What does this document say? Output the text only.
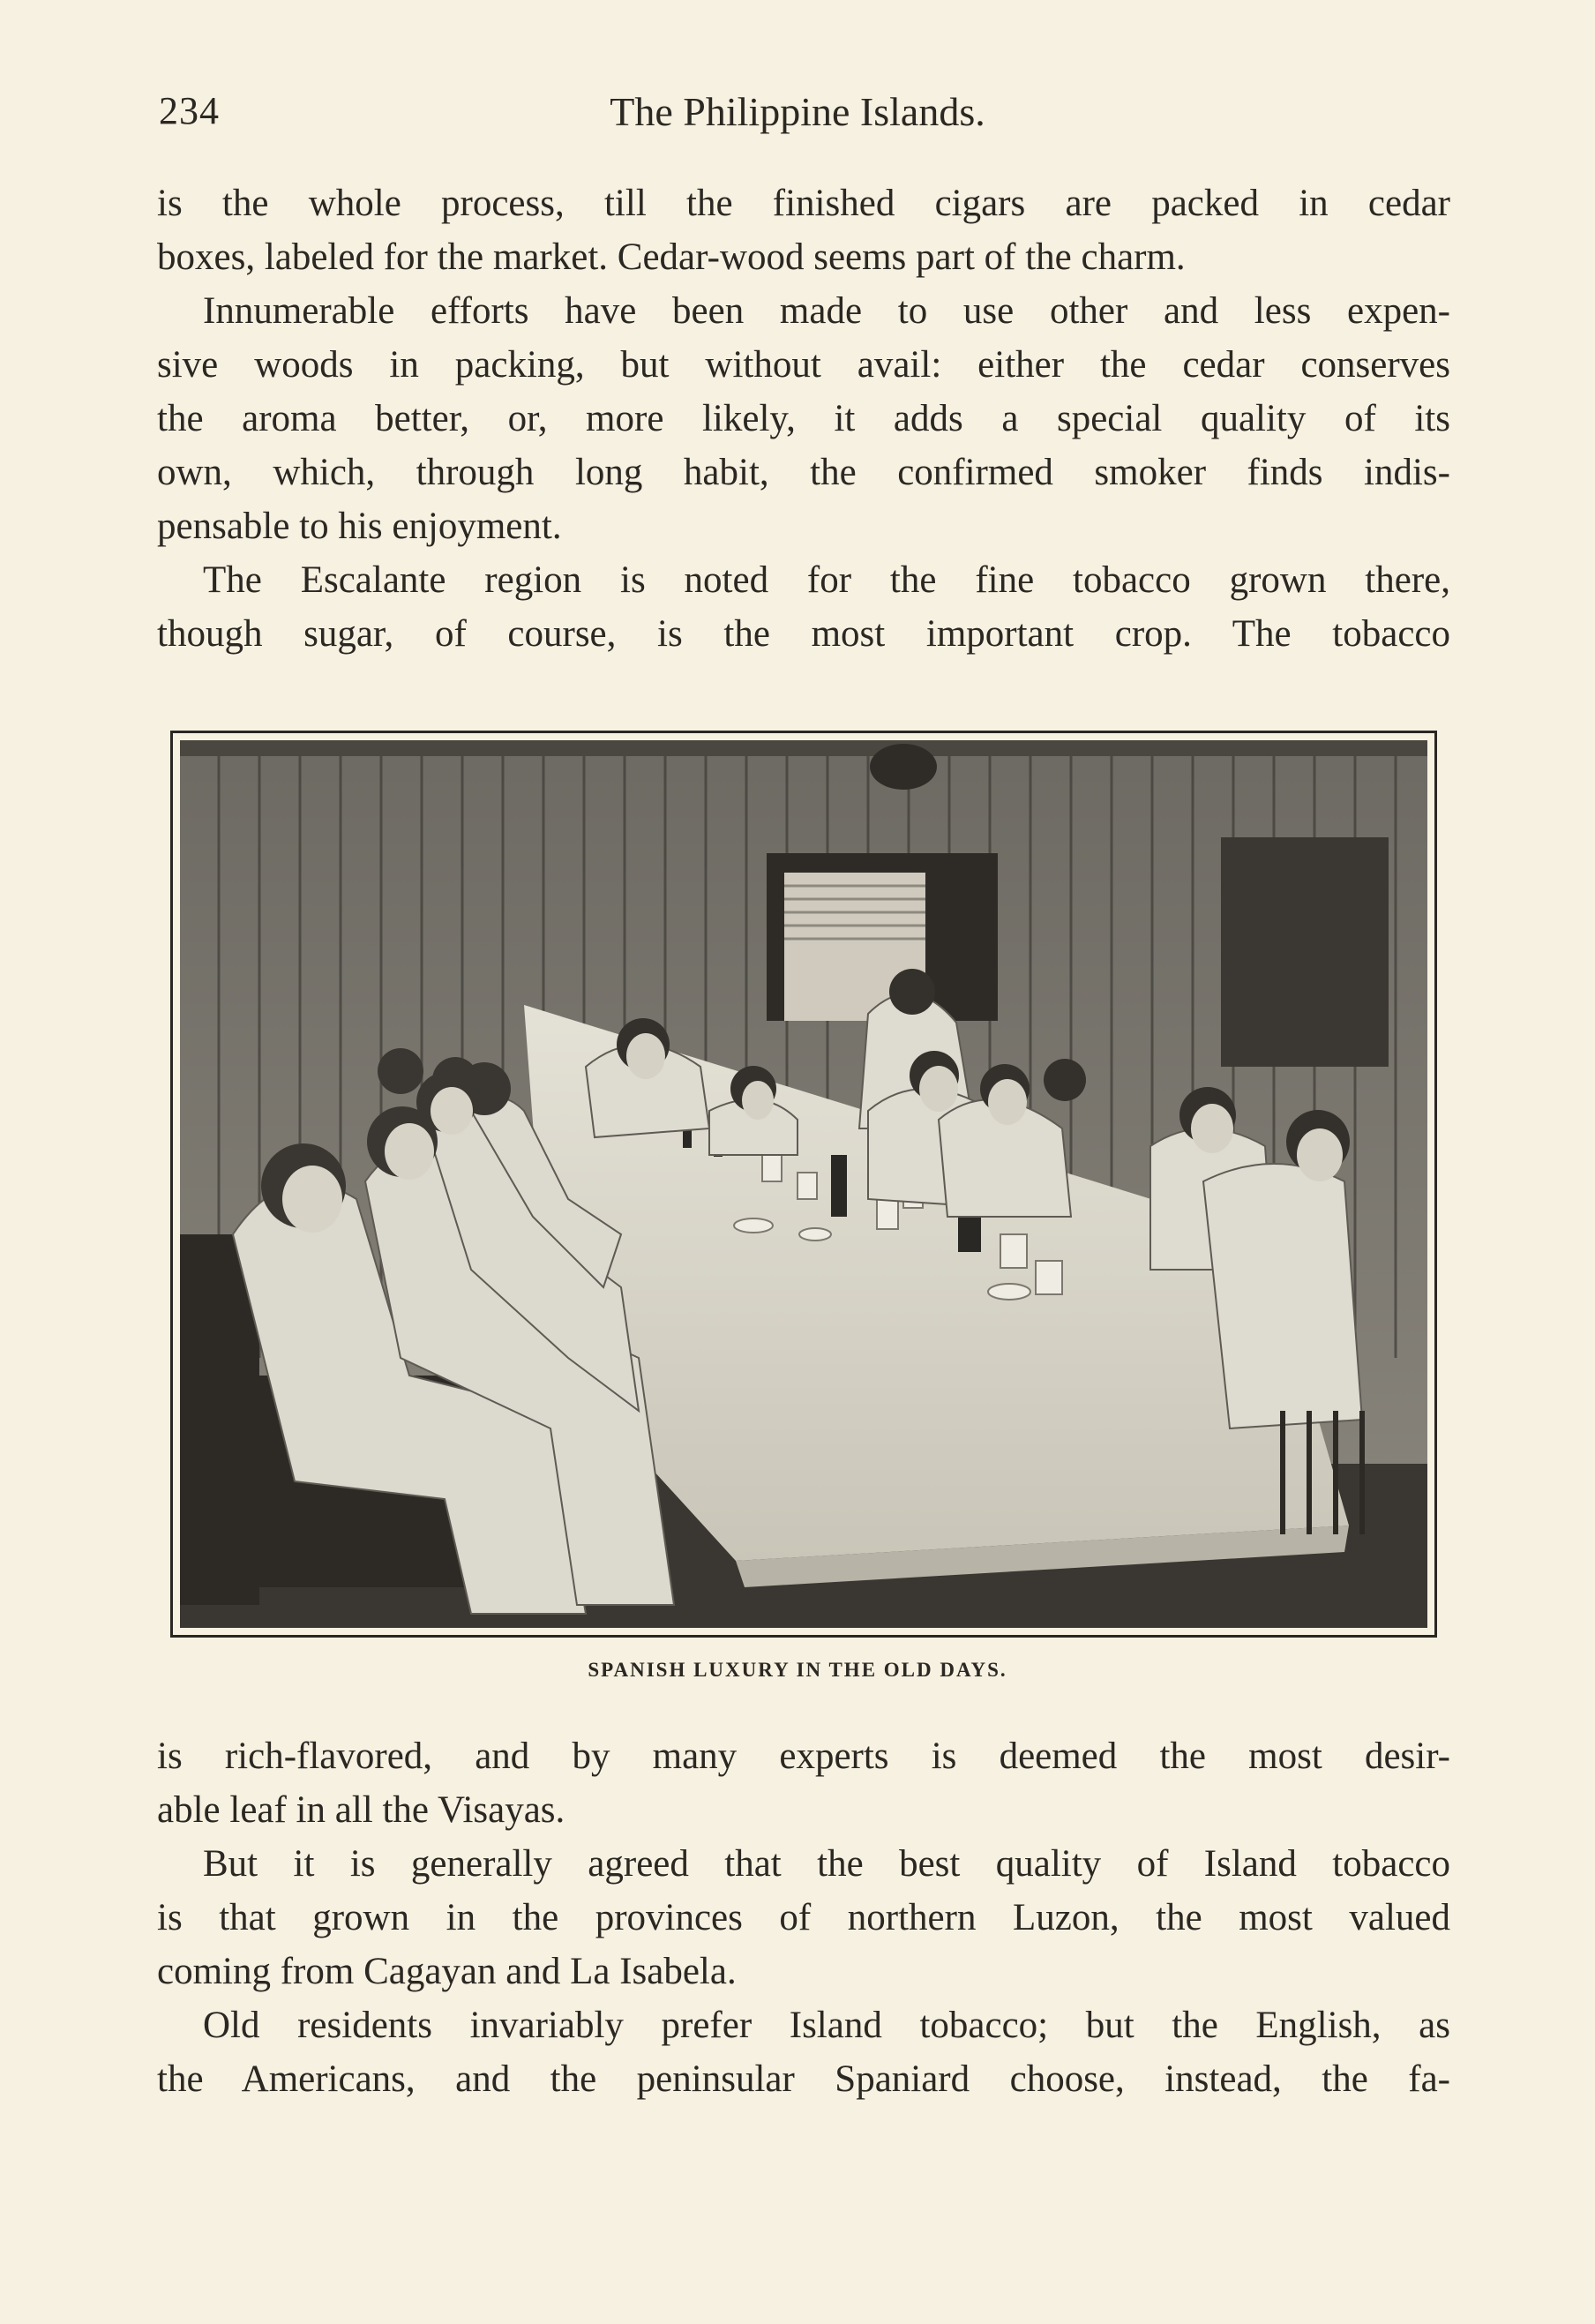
234	The Philippine Islands.
is the whole process, till the finished cigars are packed in cedar
boxes, labeled for the market. Cedar-wood seems part of the charm.
Innumerable efforts have been made to use other and less expen-
sive woods in packing, but without avail: either the cedar conserves
the aroma better, or, more likely, it adds a special quality of its
own, which, through long habit, the confirmed smoker finds indis-
pensable to his enjoyment.
The Escalante region is noted for the fine tobacco grown there,
though sugar, of course, is the most important crop. The tobacco
SPANISH LUXURY IN THE OLD DAYS.
is rich-flavored, and by many experts is deemed the most desir-
able leaf in all the Visayas.
But it is generally agreed that the best quality of Island tobacco
is that grown in the provinces of northern Luzon, the most valued
coming from Cagayan and La Isabela.
Old residents invariably prefer Island tobacco; but the English, as
the Americans, and the peninsular Spaniard choose, instead, the fa-
